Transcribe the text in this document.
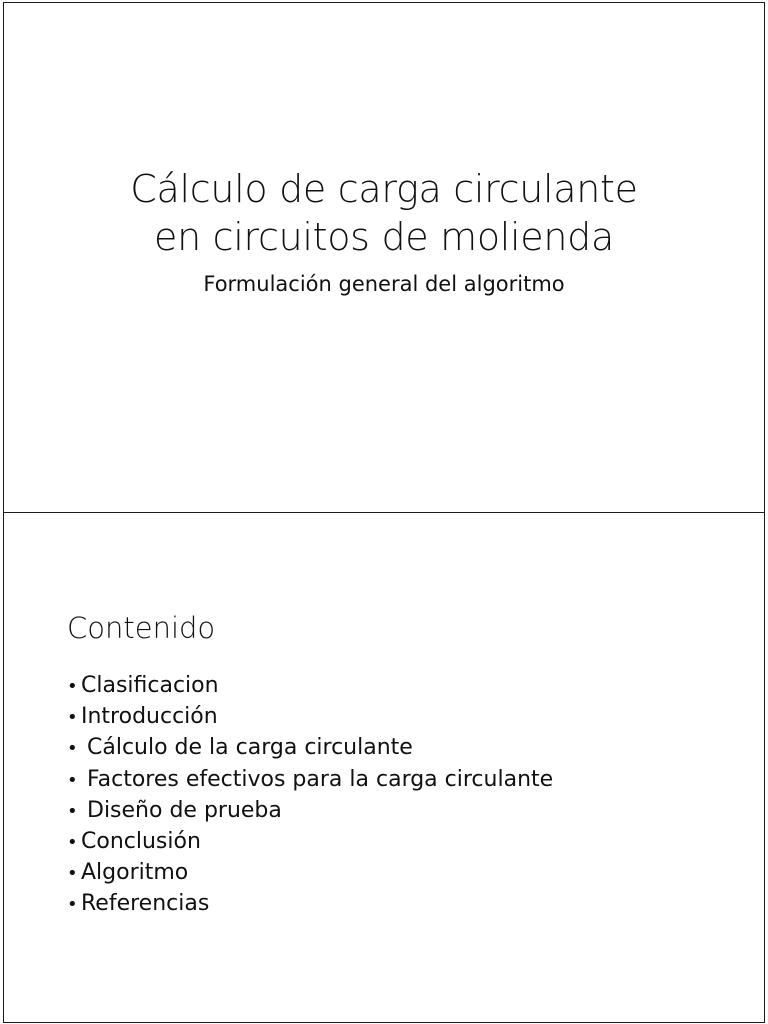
Cálculo de carga circulante
en circuitos de molienda
Formulación general del algoritmo
Contenido
• Clasificacion
• Introducción
• Cálculo de la carga circulante
• Factores efectivos para la carga circulante
• Diseño de prueba
• Conclusión
• Algoritmo
• Referencias
